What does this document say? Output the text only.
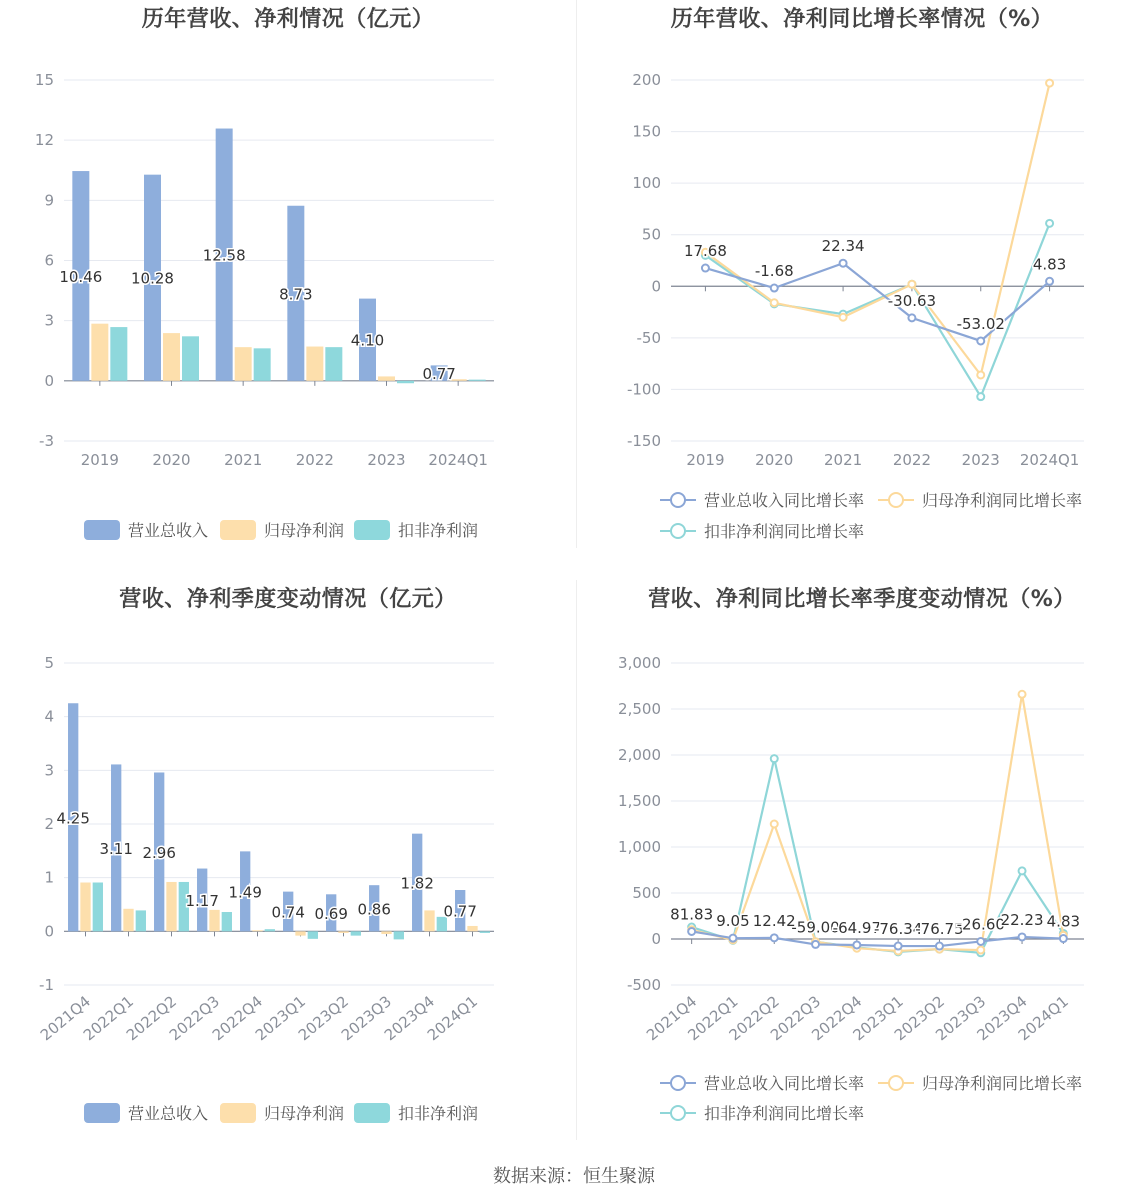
历年营收、净利情况（亿元）
-3
0
3
6
9
12
15
2019 2020 2021 2022 2023 2024Q1
10.46 10.28
12.58
8.73
4.10
0.77
营业总收入	归母净利润	扣非净利润
历年营收、净利同比增长率情况（%）
-150
-100
-50
0
50
100
150
200
2019 2020 2021 2022 2023 2024Q1
17.68
-1.68
22.34
-30.63
-53.02
4.83
营业总收入同比增长率	归母净利润同比增长率
扣非净利润同比增长率
营收、净利季度变动情况（亿元）
-1
0
1
2
3
4
5
2021Q4
2022Q1
2022Q2
2022Q3
2022Q4
2023Q1
2023Q2
2023Q3
2023Q4
2024Q1
4.25
3.11 2.96
1.17 1.49
0.74 0.69 0.86
1.82
0.77
营业总收入	归母净利润	扣非净利润
营收、净利同比增长率季度变动情况（%）
-500
0
500
1,000
1,500
2,000
2,500
3,000
2021Q4
2022Q1
2022Q2
2022Q3
2022Q4
2023Q1
2023Q2
2023Q3
2023Q4
2024Q1
81.83 9.05 12.42
-59.00
-64.97
-76.34
-76.75
-26.60
22.23 4.83
营业总收入同比增长率	归母净利润同比增长率
扣非净利润同比增长率
数据来源：恒生聚源
